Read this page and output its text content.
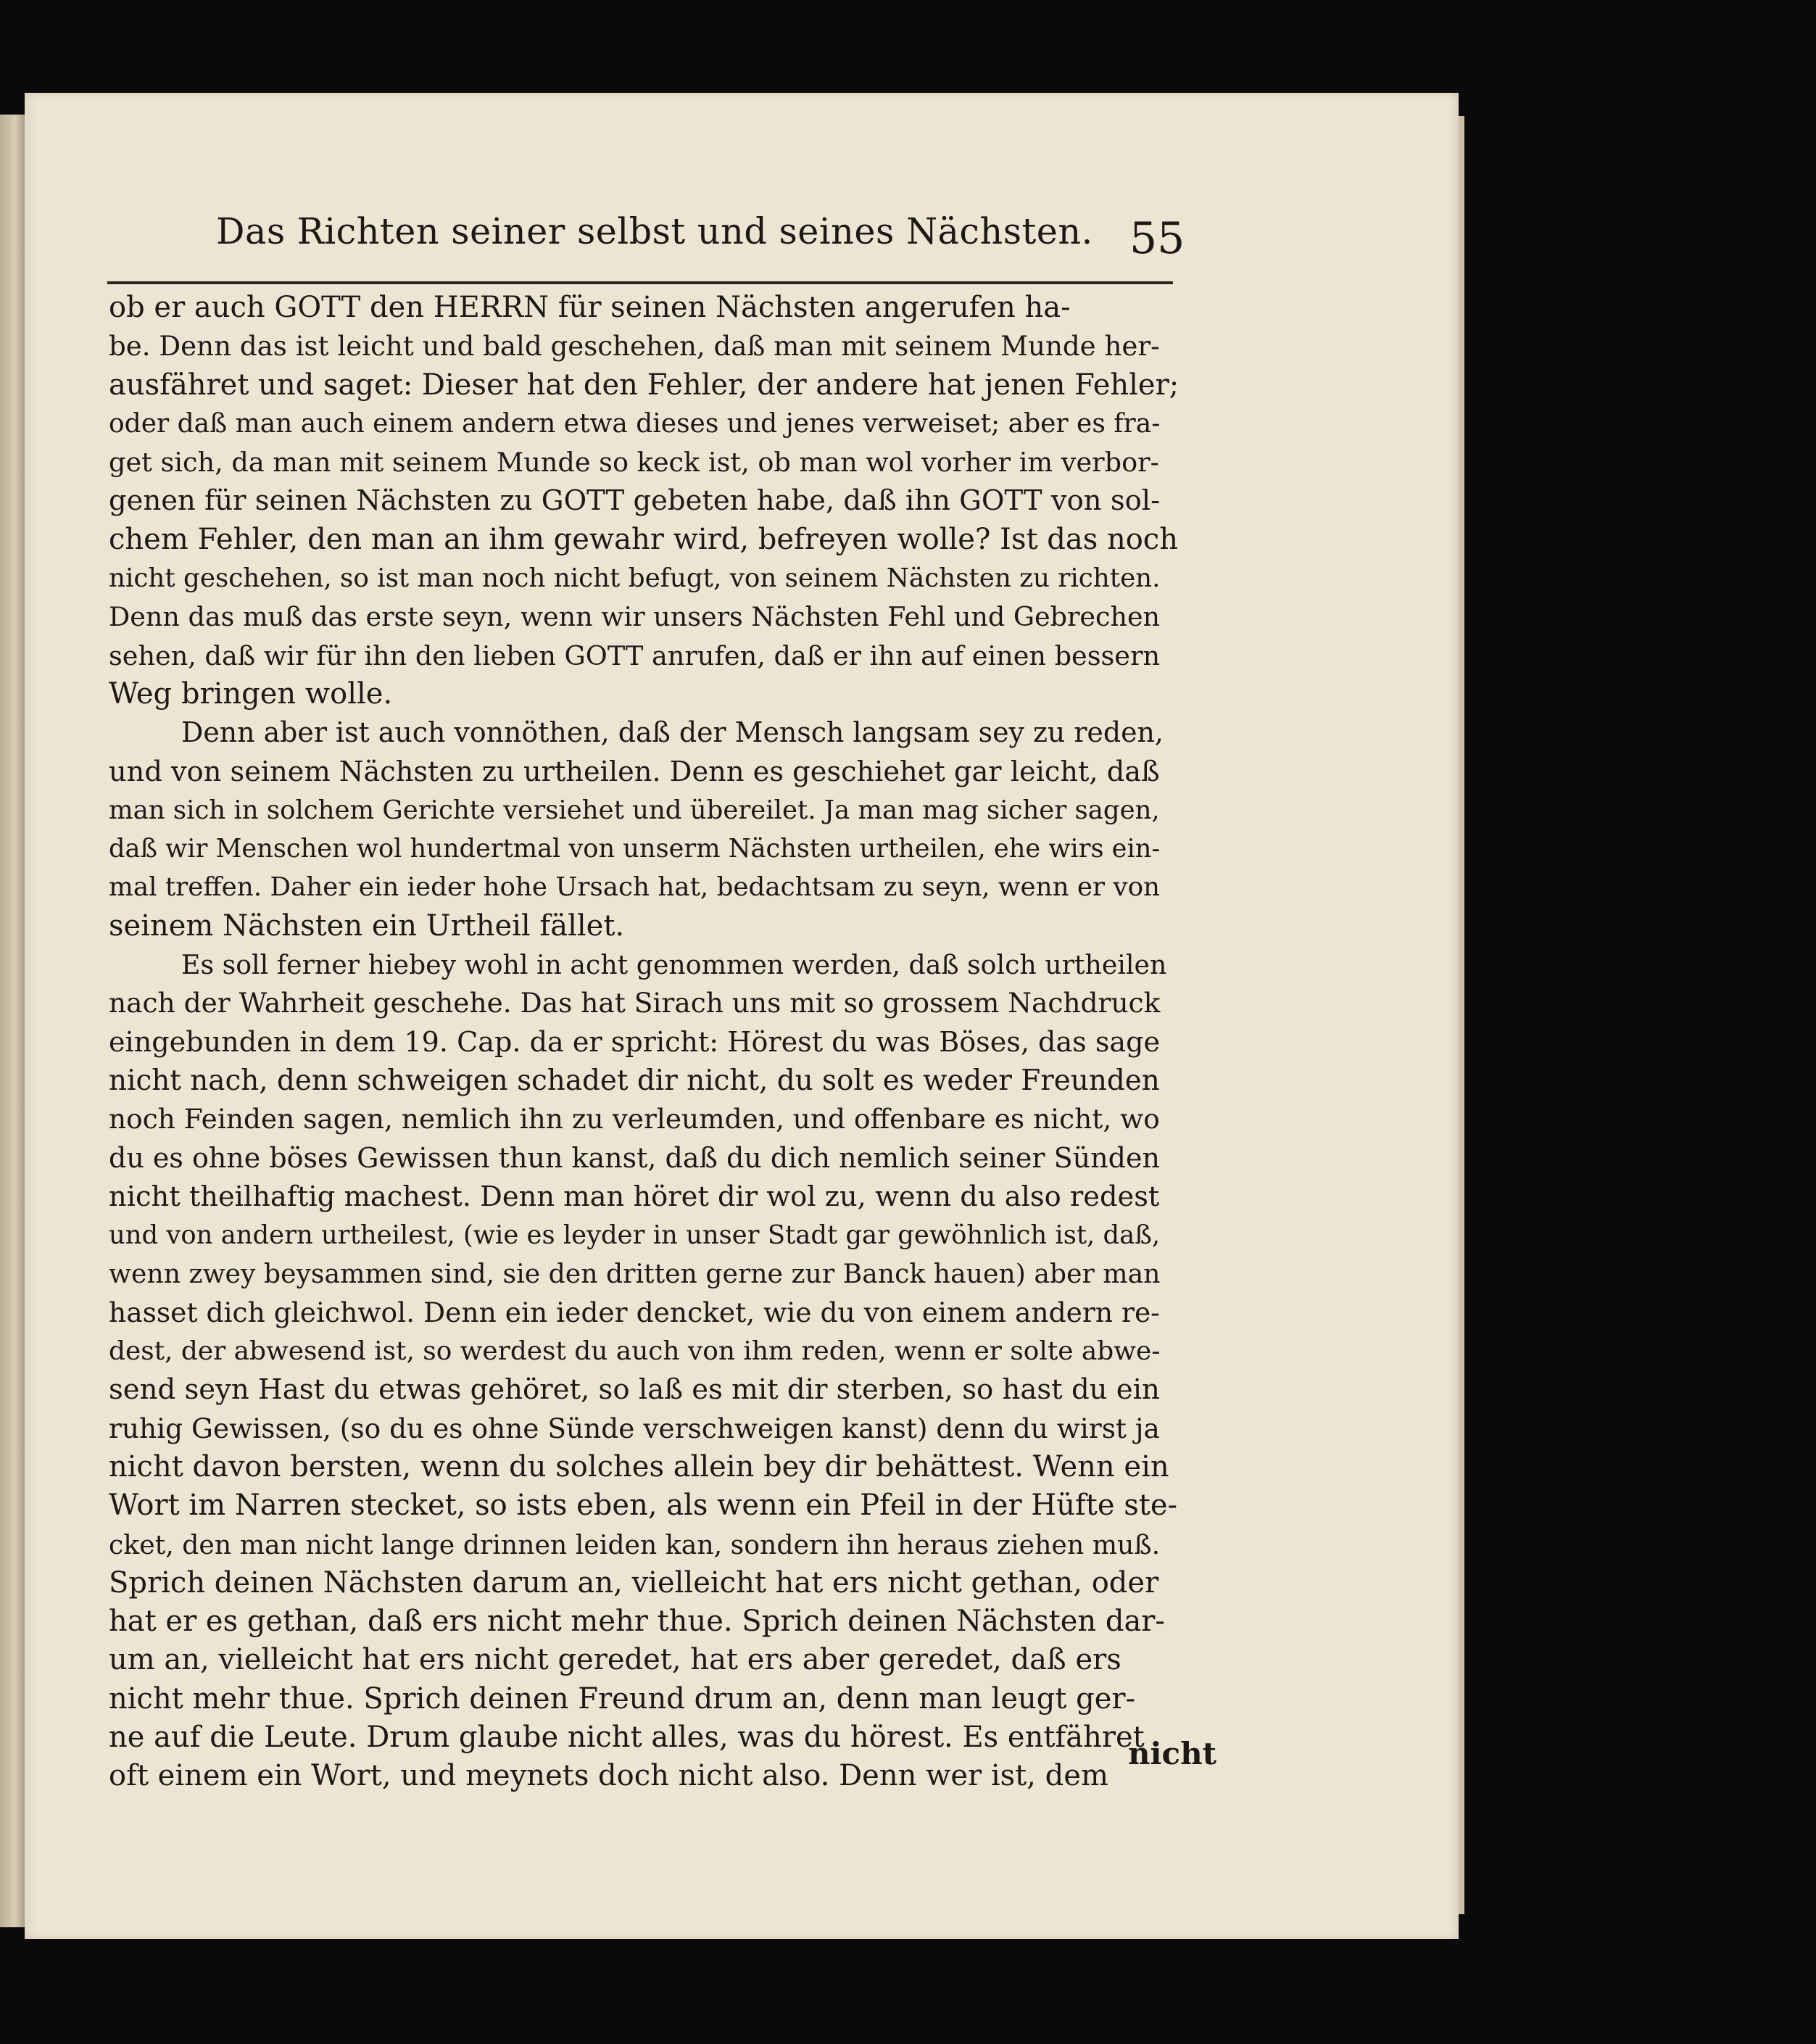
Das Richten seiner selbst und seines Nächsten. 55
ob er auch GOTT den HERRN für seinen Nächsten angerufen ha-
be. Denn das ist leicht und bald geschehen, daß man mit seinem Munde her-
ausfähret und saget: Dieser hat den Fehler, der andere hat jenen Fehler;
oder daß man auch einem andern etwa dieses und jenes verweiset; aber es fra-
get sich, da man mit seinem Munde so keck ist, ob man wol vorher im verbor-
genen für seinen Nächsten zu GOTT gebeten habe, daß ihn GOTT von sol-
chem Fehler, den man an ihm gewahr wird, befreyen wolle? Ist das noch
nicht geschehen, so ist man noch nicht befugt, von seinem Nächsten zu richten.
Denn das muß das erste seyn, wenn wir unsers Nächsten Fehl und Gebrechen
sehen, daß wir für ihn den lieben GOTT anrufen, daß er ihn auf einen bessern
Weg bringen wolle.
Denn aber ist auch vonnöthen, daß der Mensch langsam sey zu reden,
und von seinem Nächsten zu urtheilen. Denn es geschiehet gar leicht, daß
man sich in solchem Gerichte versiehet und übereilet. Ja man mag sicher sagen,
daß wir Menschen wol hundertmal von unserm Nächsten urtheilen, ehe wirs ein-
mal treffen. Daher ein ieder hohe Ursach hat, bedachtsam zu seyn, wenn er von
seinem Nächsten ein Urtheil fället.
Es soll ferner hiebey wohl in acht genommen werden, daß solch urtheilen
nach der Wahrheit geschehe. Das hat Sirach uns mit so grossem Nachdruck
eingebunden in dem 19. Cap. da er spricht: Hörest du was Böses, das sage
nicht nach, denn schweigen schadet dir nicht, du solt es weder Freunden
noch Feinden sagen, nemlich ihn zu verleumden, und offenbare es nicht, wo
du es ohne böses Gewissen thun kanst, daß du dich nemlich seiner Sünden
nicht theilhaftig machest. Denn man höret dir wol zu, wenn du also redest
und von andern urtheilest, (wie es leyder in unser Stadt gar gewöhnlich ist, daß,
wenn zwey beysammen sind, sie den dritten gerne zur Banck hauen) aber man
hasset dich gleichwol. Denn ein ieder dencket, wie du von einem andern re-
dest, der abwesend ist, so werdest du auch von ihm reden, wenn er solte abwe-
send seyn Hast du etwas gehöret, so laß es mit dir sterben, so hast du ein
ruhig Gewissen, (so du es ohne Sünde verschweigen kanst) denn du wirst ja
nicht davon bersten, wenn du solches allein bey dir behättest. Wenn ein
Wort im Narren stecket, so ists eben, als wenn ein Pfeil in der Hüfte ste-
cket, den man nicht lange drinnen leiden kan, sondern ihn heraus ziehen muß.
Sprich deinen Nächsten darum an, vielleicht hat ers nicht gethan, oder
hat er es gethan, daß ers nicht mehr thue. Sprich deinen Nächsten dar-
um an, vielleicht hat ers nicht geredet, hat ers aber geredet, daß ers
nicht mehr thue. Sprich deinen Freund drum an, denn man leugt ger-
ne auf die Leute. Drum glaube nicht alles, was du hörest. Es entfähret
oft einem ein Wort, und meynets doch nicht also. Denn wer ist, dem
nicht
